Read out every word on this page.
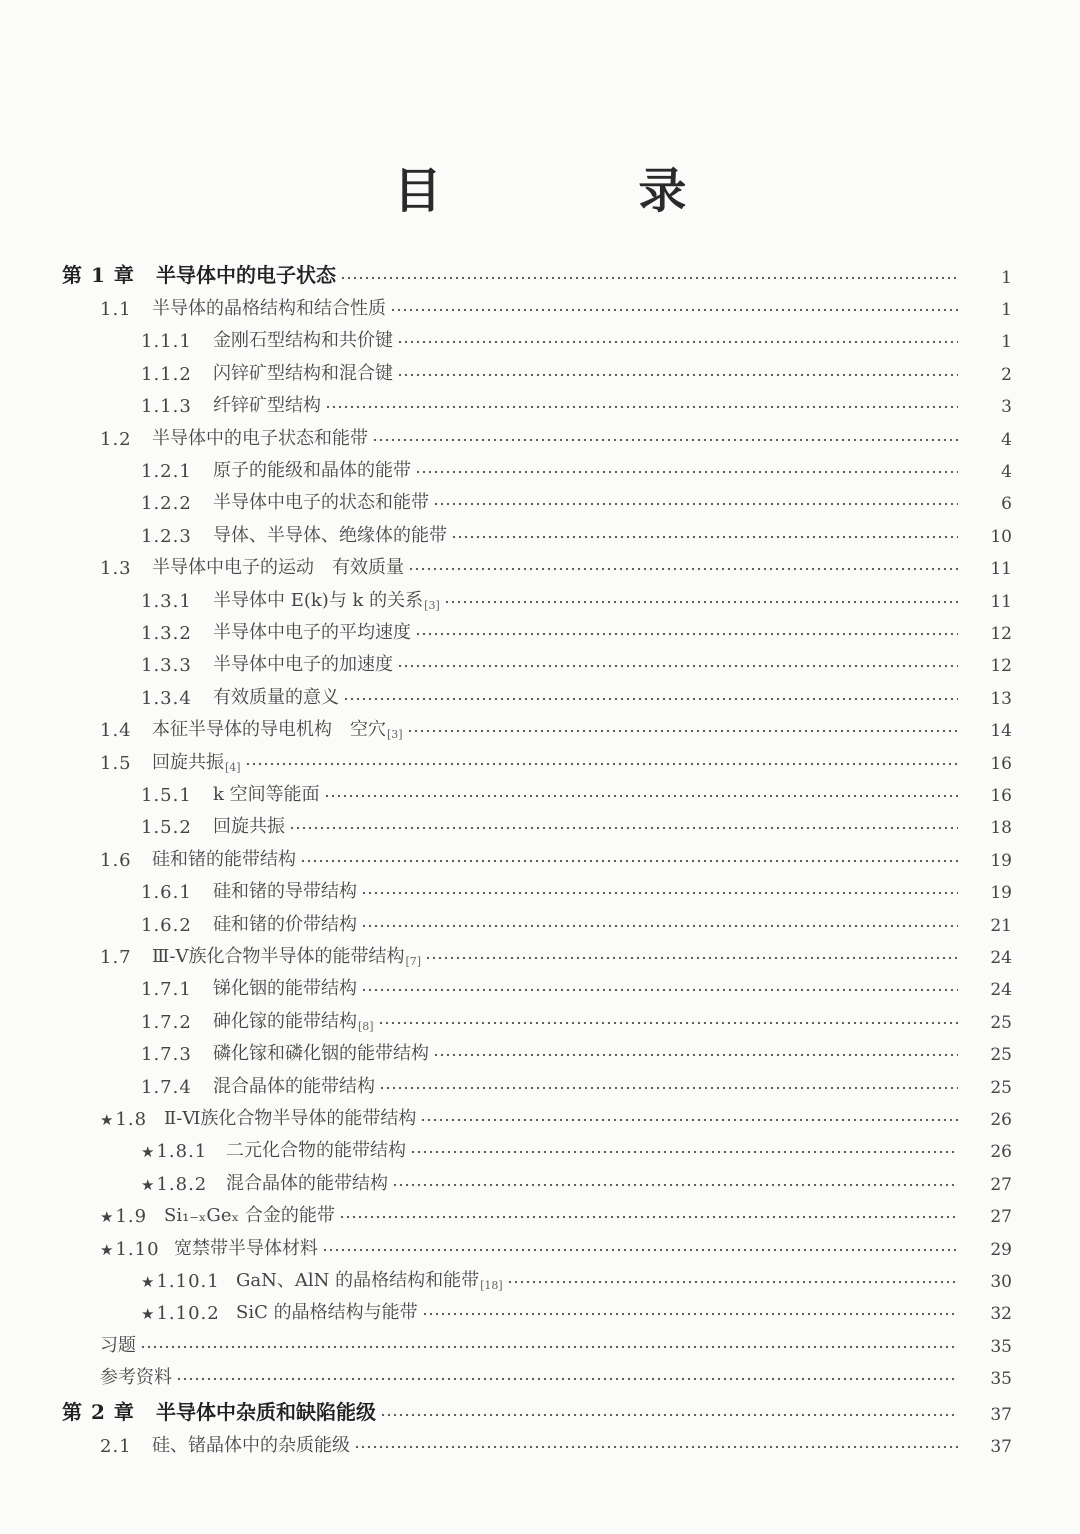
目 录
第 1 章	半导体中的电子状态	1
1.1	半导体的晶格结构和结合性质	1
1.1.1	金刚石型结构和共价键	1
1.1.2	闪锌矿型结构和混合键	2
1.1.3	纤锌矿型结构	3
1.2	半导体中的电子状态和能带	4
1.2.1	原子的能级和晶体的能带	4
1.2.2	半导体中电子的状态和能带	6
1.2.3	导体、半导体、绝缘体的能带	10
1.3	半导体中电子的运动　有效质量	11
1.3.1	半导体中 E(k)与 k 的关系 [3]	11
1.3.2	半导体中电子的平均速度	12
1.3.3	半导体中电子的加速度	12
1.3.4	有效质量的意义	13
1.4	本征半导体的导电机构　空穴 [3]	14
1.5	回旋共振 [4]	16
1.5.1	k 空间等能面	16
1.5.2	回旋共振	18
1.6	硅和锗的能带结构	19
1.6.1	硅和锗的导带结构	19
1.6.2	硅和锗的价带结构	21
1.7	Ⅲ-Ⅴ族化合物半导体的能带结构 [7]	24
1.7.1	锑化铟的能带结构	24
1.7.2	砷化镓的能带结构 [8]	25
1.7.3	磷化镓和磷化铟的能带结构	25
1.7.4	混合晶体的能带结构	25
★1.8 Ⅱ-Ⅵ族化合物半导体的能带结构	26
★1.8.1	二元化合物的能带结构	26
★1.8.2	混合晶体的能带结构	27
★1.9 Si₁₋ₓGeₓ 合金的能带	27
★1.10 宽禁带半导体材料	29
★1.10.1 GaN、AlN 的晶格结构和能带 [18]	30
★1.10.2 SiC 的晶格结构与能带	32
习题	35
参考资料	35
第 2 章	半导体中杂质和缺陷能级	37
2.1	硅、锗晶体中的杂质能级	37
